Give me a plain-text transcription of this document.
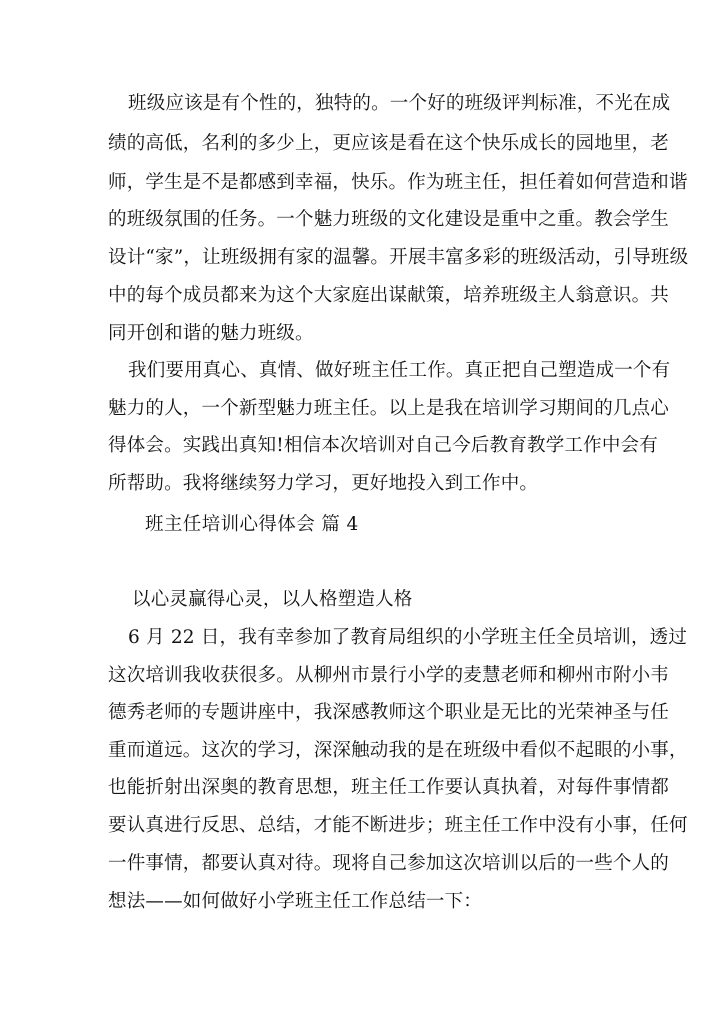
班级应该是有个性的，独特的。一个好的班级评判标准，不光在成
绩的高低，名利的多少上，更应该是看在这个快乐成长的园地里，老
师，学生是不是都感到幸福，快乐。作为班主任，担任着如何营造和谐
的班级氛围的任务。一个魅力班级的文化建设是重中之重。教会学生
设计“家”，让班级拥有家的温馨。开展丰富多彩的班级活动，引导班级
中的每个成员都来为这个大家庭出谋献策，培养班级主人翁意识。共
同开创和谐的魅力班级。
我们要用真心、真情、做好班主任工作。真正把自己塑造成一个有
魅力的人，一个新型魅力班主任。以上是我在培训学习期间的几点心
得体会。实践出真知!相信本次培训对自己今后教育教学工作中会有
所帮助。我将继续努力学习，更好地投入到工作中。
班主任培训心得体会 篇 4
以心灵赢得心灵，以人格塑造人格
6 月 22 日，我有幸参加了教育局组织的小学班主任全员培训，透过
这次培训我收获很多。从柳州市景行小学的麦慧老师和柳州市附小韦
德秀老师的专题讲座中，我深感教师这个职业是无比的光荣神圣与任
重而道远。这次的学习，深深触动我的是在班级中看似不起眼的小事，
也能折射出深奥的教育思想，班主任工作要认真执着，对每件事情都
要认真进行反思、总结，才能不断进步；班主任工作中没有小事，任何
一件事情，都要认真对待。现将自己参加这次培训以后的一些个人的
想法——如何做好小学班主任工作总结一下：
